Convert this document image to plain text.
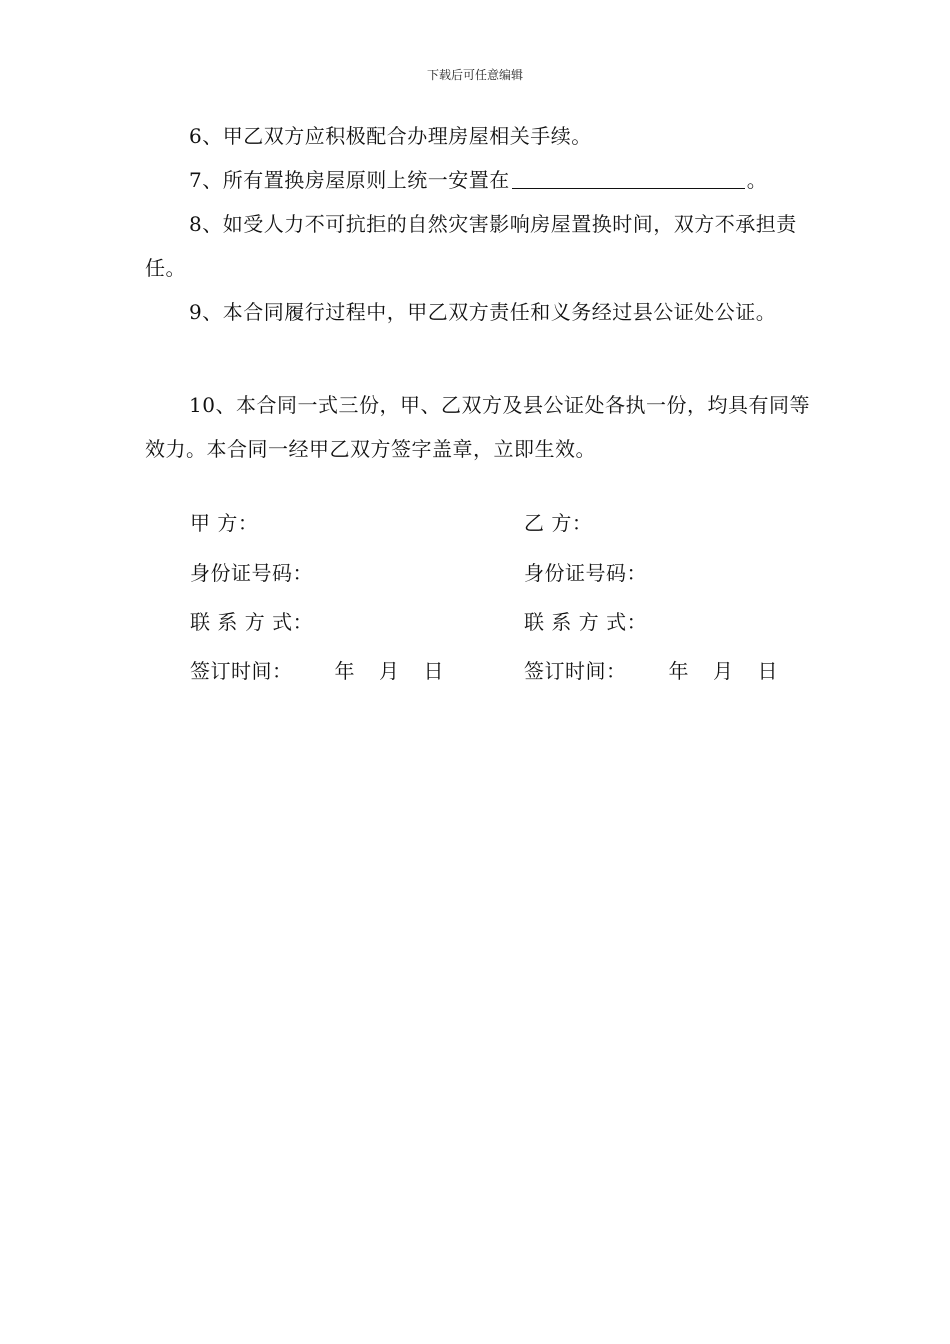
下载后可任意编辑

6、甲乙双方应积极配合办理房屋相关手续。

7、所有置换房屋原则上统一安置在	。

8、如受人力不可抗拒的自然灾害影响房屋置换时间，双方不承担责任。

9、本合同履行过程中，甲乙双方责任和义务经过县公证处公证。

10、本合同一式三份，甲、乙双方及县公证处各执一份，均具有同等效力。本合同一经甲乙双方签字盖章，立即生效。

甲 方：
身份证号码：
联 系 方 式：
签订时间： 年 月 日
乙 方：
身份证号码：
联 系 方 式：
签订时间： 年 月 日
